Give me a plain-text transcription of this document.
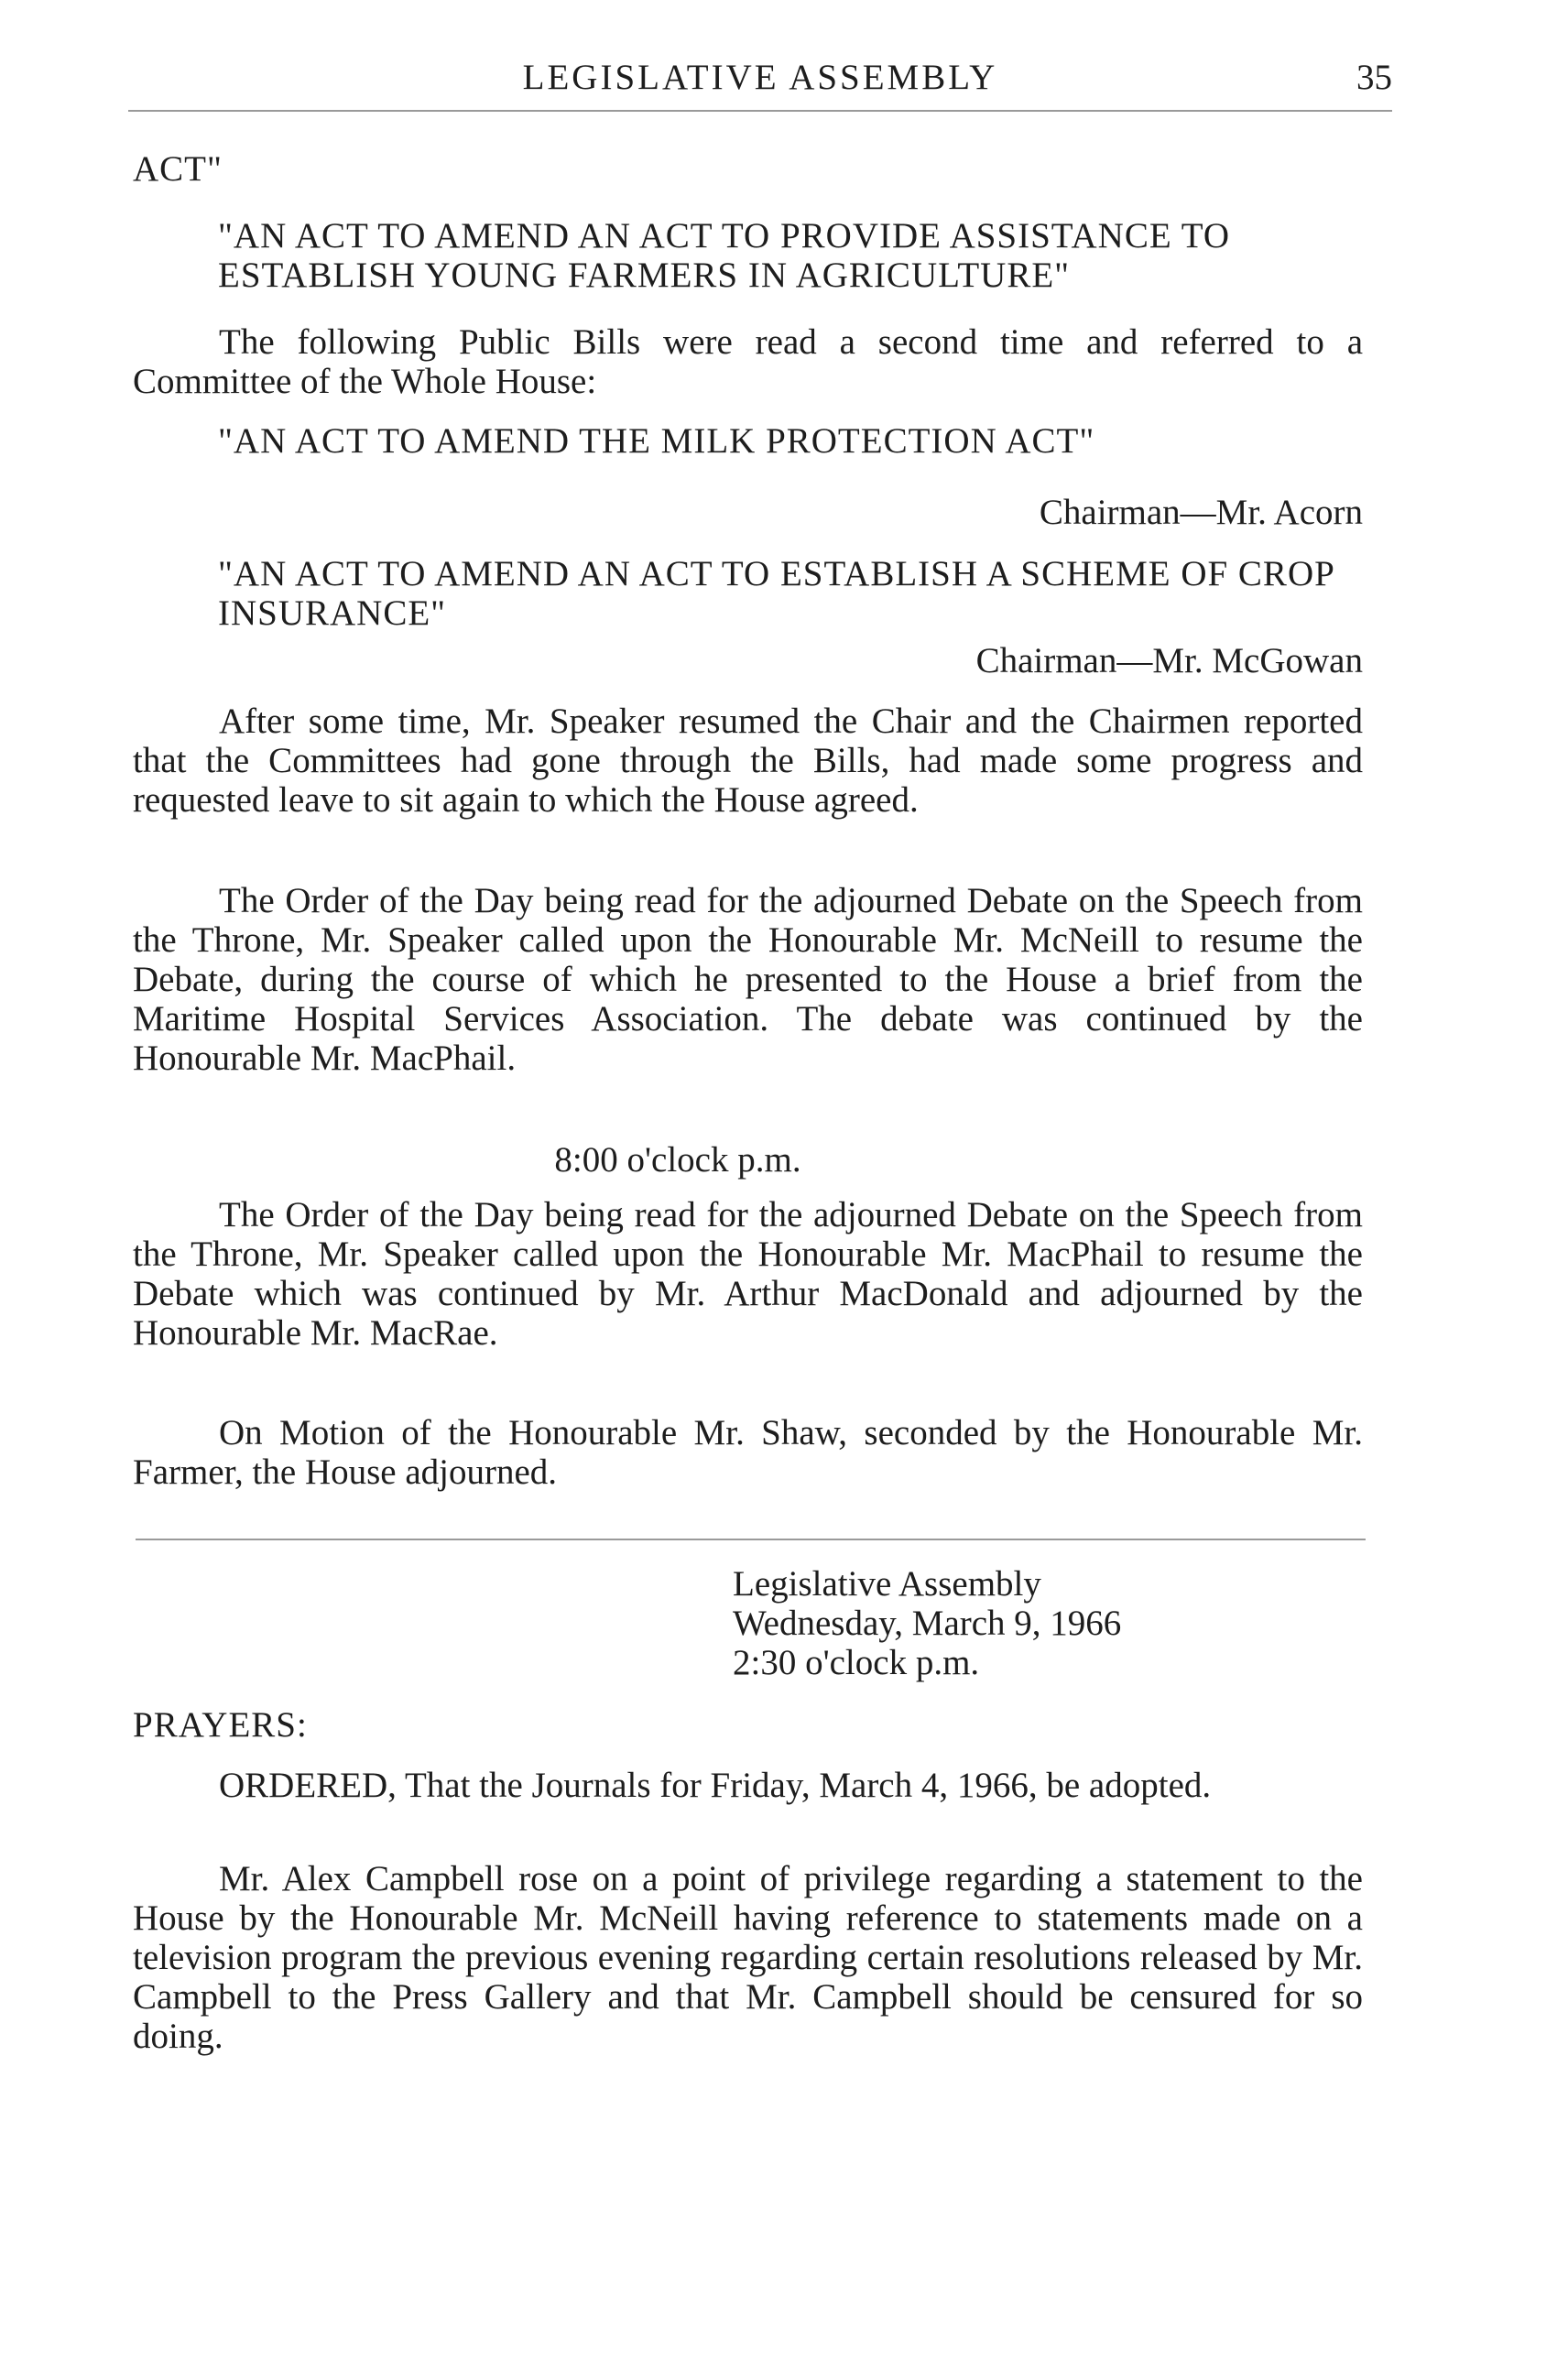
LEGISLATIVE ASSEMBLY	35

ACT"

"AN ACT TO AMEND AN ACT TO PROVIDE ASSISTANCE TO ESTABLISH YOUNG FARMERS IN AGRICULTURE"

The following Public Bills were read a second time and referred to a Committee of the Whole House:

"AN ACT TO AMEND THE MILK PROTECTION ACT"

Chairman—Mr. Acorn

"AN ACT TO AMEND AN ACT TO ESTABLISH A SCHEME OF CROP INSURANCE"

Chairman—Mr. McGowan

After some time, Mr. Speaker resumed the Chair and the Chairmen reported that the Committees had gone through the Bills, had made some progress and requested leave to sit again to which the House agreed.

The Order of the Day being read for the adjourned Debate on the Speech from the Throne, Mr. Speaker called upon the Honourable Mr. McNeill to resume the Debate, during the course of which he presented to the House a brief from the Maritime Hospital Services Association. The debate was continued by the Honourable Mr. MacPhail.

8:00 o'clock p.m.

The Order of the Day being read for the adjourned Debate on the Speech from the Throne, Mr. Speaker called upon the Honourable Mr. MacPhail to resume the Debate which was continued by Mr. Arthur MacDonald and adjourned by the Honourable Mr. MacRae.

On Motion of the Honourable Mr. Shaw, seconded by the Honourable Mr. Farmer, the House adjourned.

Legislative Assembly

Wednesday, March 9, 1966

2:30 o'clock p.m.

PRAYERS:

ORDERED, That the Journals for Friday, March 4, 1966, be adopted.

Mr. Alex Campbell rose on a point of privilege regarding a statement to the House by the Honourable Mr. McNeill having reference to statements made on a television program the previous evening regarding certain resolutions released by Mr. Campbell to the Press Gallery and that Mr. Campbell should be censured for so doing.
